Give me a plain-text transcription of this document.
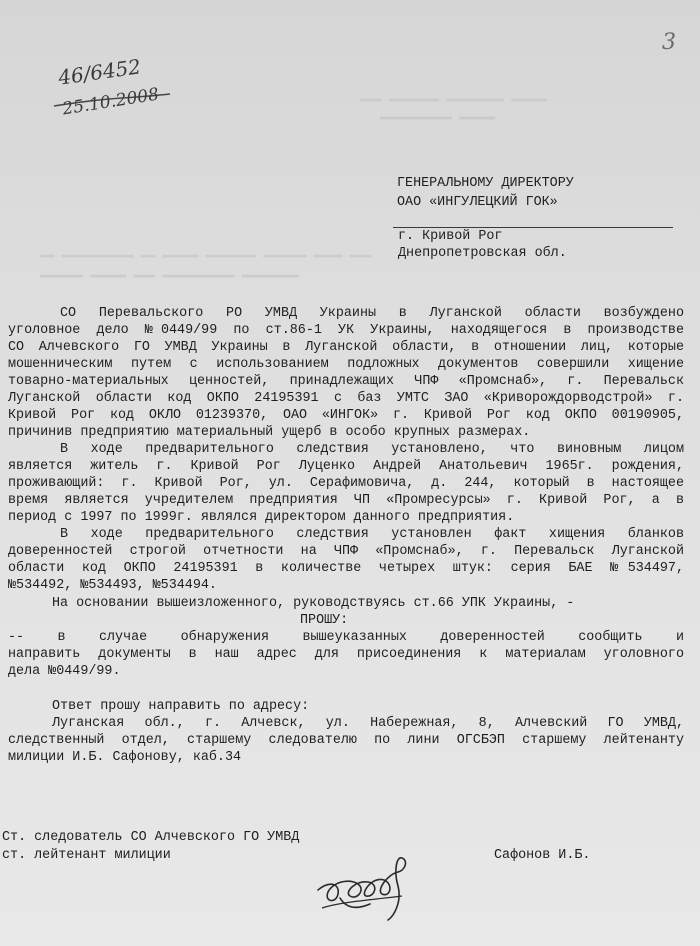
▬▬▬ ▬▬▬▬▬▬▬ ▬▬▬▬▬▬▬▬ ▬▬▬▬▬
▬▬▬▬▬▬▬▬▬▬ ▬▬▬▬▬
▬▬ ▬▬▬▬▬▬▬▬▬▬ ▬▬ ▬▬▬▬▬ ▬▬▬▬▬▬▬ ▬▬▬▬▬▬ ▬▬▬▬ ▬▬▬
▬▬▬▬▬▬ ▬▬▬▬▬ ▬▬▬ ▬▬▬▬▬▬▬▬▬▬ ▬▬▬▬▬▬▬▬
46/6452
25.10.2008
3
ГЕНЕРАЛЬНОМУ ДИРЕКТОРУ
ОАО «ИНГУЛЕЦКИЙ ГОК»
г. Кривой Рог
Днепропетровская обл.
СО Перевальского РО УМВД Украины в Луганской области возбуждено
уголовное дело №0449/99 по ст.86-1 УК Украины, находящегося в производстве
СО Алчевского ГО УМВД Украины в Луганской области, в отношении лиц, которые
мошенническим путем с использованием подложных документов совершили хищение
товарно-материальных ценностей, принадлежащих ЧПФ «Промснаб», г. Перевальск
Луганской области код ОКПО 24195391 с баз УМТС ЗАО «Криворождорводстрой» г.
Кривой Рог код ОКЛО 01239370, ОАО «ИНГОК» г. Кривой Рог код ОКПО 00190905,
причинив предприятию материальный ущерб в особо крупных размерах.
В ходе предварительного следствия установлено, что виновным лицом
является житель г. Кривой Рог Луценко Андрей Анатольевич 1965г. рождения,
проживающий: г. Кривой Рог, ул. Серафимовича, д. 244, который в настоящее
время является учредителем предприятия ЧП «Промресурсы» г. Кривой Рог, а в
период с 1997 по 1999г. являлся директором данного предприятия.
В ходе предварительного следствия установлен факт хищения бланков
доверенностей строгой отчетности на ЧПФ «Промснаб», г. Перевальск Луганской
области код ОКПО 24195391 в количестве четырех штук: серия БАЕ №534497,
№534492, №534493, №534494.
На основании вышеизложенного, руководствуясь ст.66 УПК Украины, -
ПРОШУ:
-- в случае обнаружения вышеуказанных доверенностей сообщить и
направить документы в наш адрес для присоединения к материалам уголовного
дела №0449/99.
Ответ прошу направить по адресу:
Луганская обл., г. Алчевск, ул. Набережная, 8, Алчевский ГО УМВД,
следственный отдел, старшему следователю по лини ОГСБЭП старшему лейтенанту
милиции И.Б. Сафонову, каб.34
Ст. следователь СО Алчевского ГО УМВД
ст. лейтенант милиции	Сафонов И.Б.
